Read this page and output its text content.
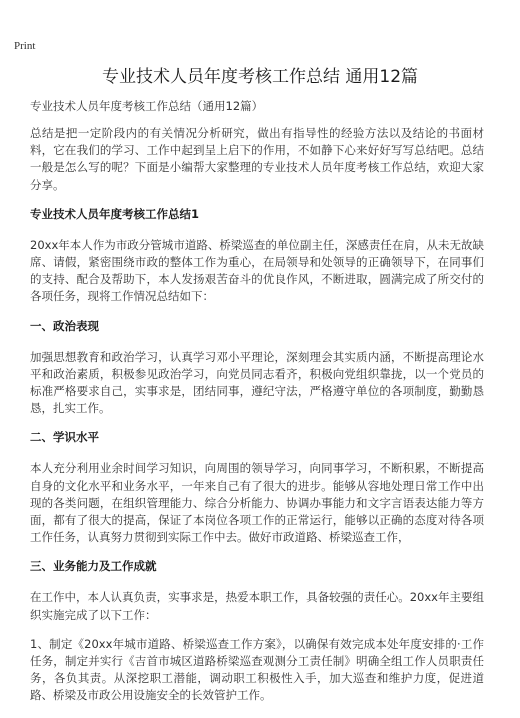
Print
专业技术人员年度考核工作总结 通用12篇
专业技术人员年度考核工作总结（通用12篇）

总结是把一定阶段内的有关情况分析研究，做出有指导性的经验方法以及结论的书面材料，它在我们的学习、工作中起到呈上启下的作用，不如静下心来好好写写总结吧。总结一般是怎么写的呢？下面是小编帮大家整理的专业技术人员年度考核工作总结，欢迎大家分享。

专业技术人员年度考核工作总结1

20xx年本人作为市政分管城市道路、桥梁巡查的单位副主任，深感责任在肩，从未无故缺席、请假，紧密围绕市政的整体工作为重心，在局领导和处领导的正确领导下，在同事们的支持、配合及帮助下，本人发扬艰苦奋斗的优良作风，不断进取，圆满完成了所交付的各项任务，现将工作情况总结如下：

一、政治表现

加强思想教育和政治学习，认真学习邓小平理论，深刻理会其实质内涵，不断提高理论水平和政治素质，积极参见政治学习，向党员同志看齐，积极向党组织靠拢，以一个党员的标准严格要求自己，实事求是，团结同事，遵纪守法，严格遵守单位的各项制度，勤勤恳恳，扎实工作。

二、学识水平

本人充分利用业余时间学习知识，向周围的领导学习，向同事学习，不断积累，不断提高自身的文化水平和业务水平，一年来自己有了很大的进步。能够从容地处理日常工作中出现的各类问题，在组织管理能力、综合分析能力、协调办事能力和文字言语表达能力等方面，都有了很大的提高，保证了本岗位各项工作的正常运行，能够以正确的态度对待各项工作任务，认真努力贯彻到实际工作中去。做好市政道路、桥梁巡查工作，

三、业务能力及工作成就

在工作中，本人认真负责，实事求是，热爱本职工作，具备较强的责任心。20xx年主要组织实施完成了以下工作：

1、制定《20xx年城市道路、桥梁巡查工作方案》，以确保有效完成本处年度安排的·工作任务，制定并实行《吉首市城区道路桥梁巡查观测分工责任制》明确全组工作人员职责任务，各负其责。从深挖职工潜能，调动职工积极性入手，加大巡查和维护力度，促进道路、桥梁及市政公用设施安全的长效管护工作。
